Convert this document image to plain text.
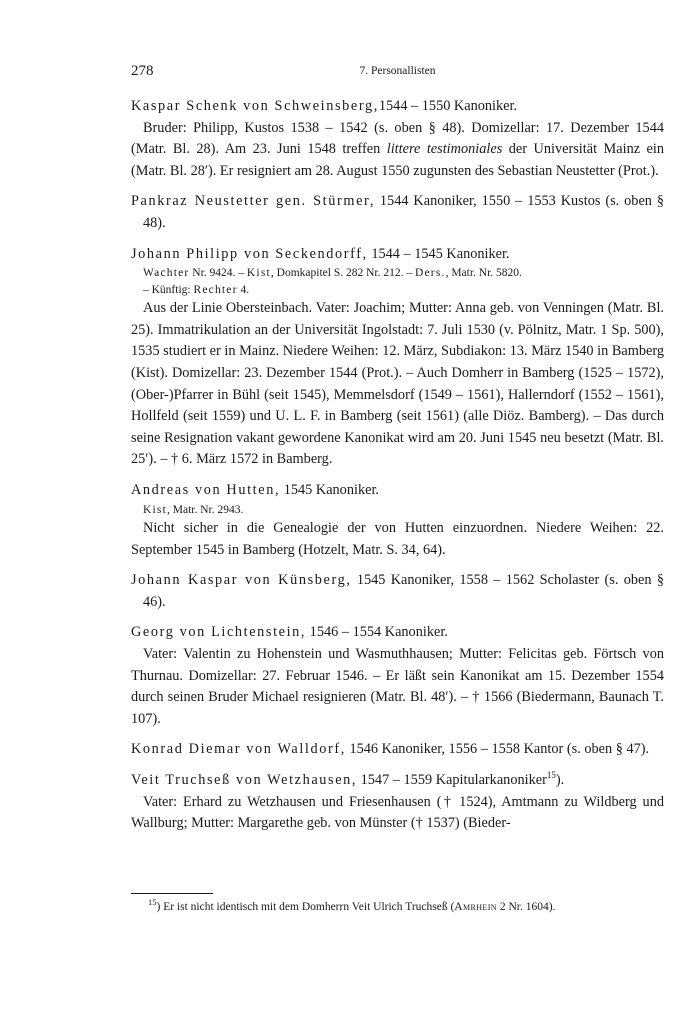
278	7. Personallisten

Kaspar Schenk von Schweinsberg,1544 – 1550 Kanoniker.

Bruder: Philipp, Kustos 1538 – 1542 (s. oben § 48). Domizellar: 17. Dezember 1544 (Matr. Bl. 28). Am 23. Juni 1548 treffen littere testimoniales der Universität Mainz ein (Matr. Bl. 28′). Er resigniert am 28. August 1550 zugunsten des Sebastian Neustetter (Prot.).

Pankraz Neustetter gen. Stürmer, 1544 Kanoniker, 1550 – 1553 Kustos (s. oben § 48).

Johann Philipp von Seckendorff, 1544 – 1545 Kanoniker.

Wachter Nr. 9424. – Kist, Domkapitel S. 282 Nr. 212. – Ders., Matr. Nr. 5820.
– Künftig: Rechter 4.

Aus der Linie Obersteinbach. Vater: Joachim; Mutter: Anna geb. von Venningen (Matr. Bl. 25). Immatrikulation an der Universität Ingolstadt: 7. Juli 1530 (v. Pölnitz, Matr. 1 Sp. 500), 1535 studiert er in Mainz. Niedere Weihen: 12. März, Subdiakon: 13. März 1540 in Bamberg (Kist). Domizellar: 23. Dezember 1544 (Prot.). – Auch Domherr in Bamberg (1525 – 1572), (Ober-)Pfarrer in Bühl (seit 1545), Memmelsdorf (1549 – 1561), Hallerndorf (1552 – 1561), Hollfeld (seit 1559) und U. L. F. in Bamberg (seit 1561) (alle Diöz. Bamberg). – Das durch seine Resignation vakant gewordene Kanonikat wird am 20. Juni 1545 neu besetzt (Matr. Bl. 25′). – † 6. März 1572 in Bamberg.

Andreas von Hutten, 1545 Kanoniker.

Kist, Matr. Nr. 2943.

Nicht sicher in die Genealogie der von Hutten einzuordnen. Niedere Weihen: 22. September 1545 in Bamberg (Hotzelt, Matr. S. 34, 64).

Johann Kaspar von Künsberg, 1545 Kanoniker, 1558 – 1562 Scholaster (s. oben § 46).

Georg von Lichtenstein, 1546 – 1554 Kanoniker.

Vater: Valentin zu Hohenstein und Wasmuthhausen; Mutter: Felicitas geb. Förtsch von Thurnau. Domizellar: 27. Februar 1546. – Er läßt sein Kanonikat am 15. Dezember 1554 durch seinen Bruder Michael resignieren (Matr. Bl. 48′). – † 1566 (Biedermann, Baunach T. 107).

Konrad Diemar von Walldorf, 1546 Kanoniker, 1556 – 1558 Kantor (s. oben § 47).

Veit Truchseß von Wetzhausen, 1547 – 1559 Kapitularkanoniker$^{15}$).

Vater: Erhard zu Wetzhausen und Friesenhausen († 1524), Amtmann zu Wildberg und Wallburg; Mutter: Margarethe geb. von Münster († 1537) (Bieder-

$^{15}$) Er ist nicht identisch mit dem Domherrn Veit Ulrich Truchseß (Amrhein 2 Nr. 1604).
